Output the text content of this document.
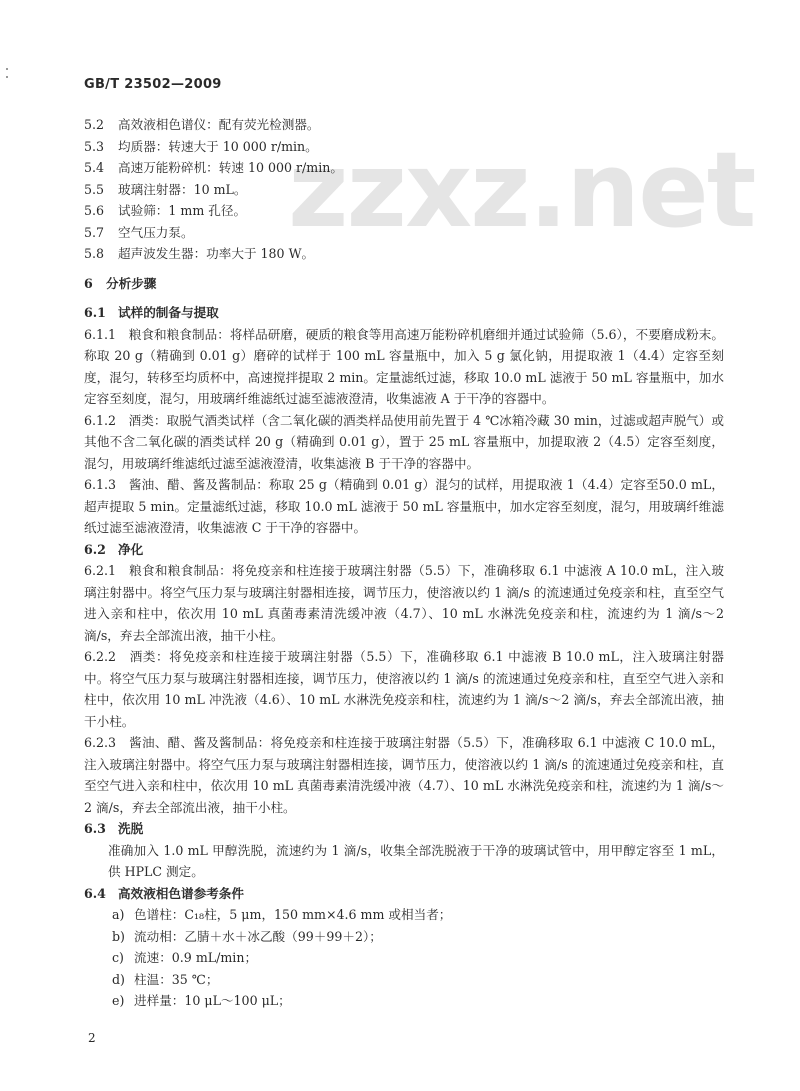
GB/T 23502—2009
zzxz.net
5.2 高效液相色谱仪：配有荧光检测器。
5.3 均质器：转速大于 10 000 r/min。
5.4 高速万能粉碎机：转速 10 000 r/min。
5.5 玻璃注射器：10 mL。
5.6 试验筛：1 mm 孔径。
5.7 空气压力泵。
5.8 超声波发生器：功率大于 180 W。
6 分析步骤
6.1 试样的制备与提取
6.1.1　粮食和粮食制品：将样品研磨，硬质的粮食等用高速万能粉碎机磨细并通过试验筛（5.6），不要磨成粉末。称取 20 g（精确到 0.01 g）磨碎的试样于 100 mL 容量瓶中，加入 5 g 氯化钠，用提取液 1（4.4）定容至刻度，混匀，转移至均质杯中，高速搅拌提取 2 min。定量滤纸过滤，移取 10.0 mL 滤液于 50 mL 容量瓶中，加水定容至刻度，混匀，用玻璃纤维滤纸过滤至滤液澄清，收集滤液 A 于干净的容器中。
6.1.2　酒类：取脱气酒类试样（含二氧化碳的酒类样品使用前先置于 4 ℃冰箱冷藏 30 min，过滤或超声脱气）或其他不含二氧化碳的酒类试样 20 g（精确到 0.01 g），置于 25 mL 容量瓶中，加提取液 2（4.5）定容至刻度，混匀，用玻璃纤维滤纸过滤至滤液澄清，收集滤液 B 于干净的容器中。
6.1.3　酱油、醋、酱及酱制品：称取 25 g（精确到 0.01 g）混匀的试样，用提取液 1（4.4）定容至50.0 mL，超声提取 5 min。定量滤纸过滤，移取 10.0 mL 滤液于 50 mL 容量瓶中，加水定容至刻度，混匀，用玻璃纤维滤纸过滤至滤液澄清，收集滤液 C 于干净的容器中。
6.2 净化
6.2.1　粮食和粮食制品：将免疫亲和柱连接于玻璃注射器（5.5）下，准确移取 6.1 中滤液 A 10.0 mL，注入玻璃注射器中。将空气压力泵与玻璃注射器相连接，调节压力，使溶液以约 1 滴/s 的流速通过免疫亲和柱，直至空气进入亲和柱中，依次用 10 mL 真菌毒素清洗缓冲液（4.7）、10 mL 水淋洗免疫亲和柱，流速约为 1 滴/s～2 滴/s，弃去全部流出液，抽干小柱。
6.2.2　酒类：将免疫亲和柱连接于玻璃注射器（5.5）下，准确移取 6.1 中滤液 B 10.0 mL，注入玻璃注射器中。将空气压力泵与玻璃注射器相连接，调节压力，使溶液以约 1 滴/s 的流速通过免疫亲和柱，直至空气进入亲和柱中，依次用 10 mL 冲洗液（4.6）、10 mL 水淋洗免疫亲和柱，流速约为 1 滴/s～2 滴/s，弃去全部流出液，抽干小柱。
6.2.3　酱油、醋、酱及酱制品：将免疫亲和柱连接于玻璃注射器（5.5）下，准确移取 6.1 中滤液 C 10.0 mL，注入玻璃注射器中。将空气压力泵与玻璃注射器相连接，调节压力，使溶液以约 1 滴/s 的流速通过免疫亲和柱，直至空气进入亲和柱中，依次用 10 mL 真菌毒素清洗缓冲液（4.7）、10 mL 水淋洗免疫亲和柱，流速约为 1 滴/s～2 滴/s，弃去全部流出液，抽干小柱。
6.3 洗脱
准确加入 1.0 mL 甲醇洗脱，流速约为 1 滴/s，收集全部洗脱液于干净的玻璃试管中，用甲醇定容至 1 mL，供 HPLC 测定。
6.4 高效液相色谱参考条件
a) 色谱柱：C₁₈柱，5 μm，150 mm×4.6 mm 或相当者；
b) 流动相：乙腈＋水＋冰乙酸（99＋99＋2）；
c) 流速：0.9 mL/min；
d) 柱温：35 ℃；
e) 进样量：10 μL～100 μL；
2
